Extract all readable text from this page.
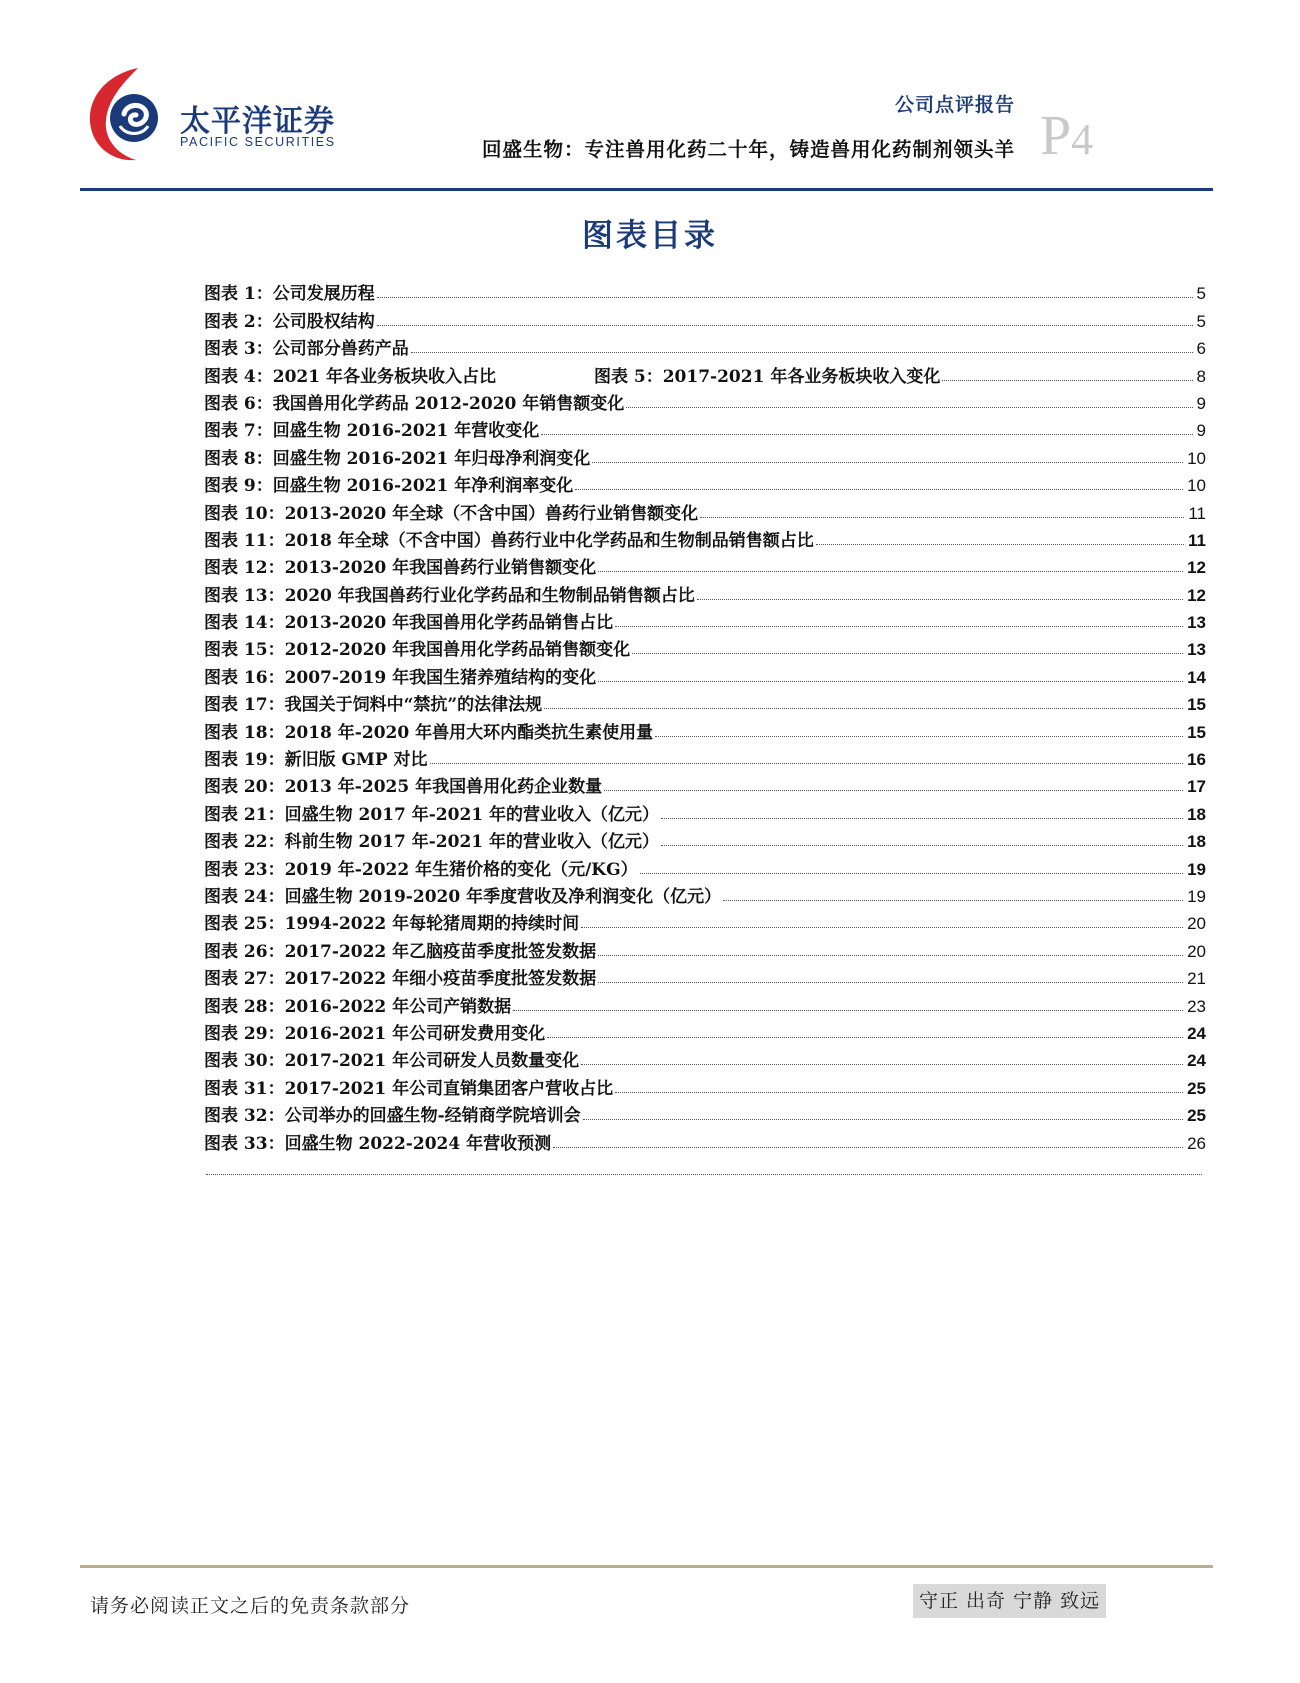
太平洋证券
PACIFIC SECURITIES
公司点评报告
回盛生物：专注兽用化药二十年，铸造兽用化药制剂领头羊 P4
图表目录
图表 1：公司发展历程	5
图表 2：公司股权结构	5
图表 3：公司部分兽药产品	6
图表 4：2021 年各业务板块收入占比	图表 5：2017-2021 年各业务板块收入变化	8
图表 6：我国兽用化学药品 2012-2020 年销售额变化	9
图表 7：回盛生物 2016-2021 年营收变化	9
图表 8：回盛生物 2016-2021 年归母净利润变化	10
图表 9：回盛生物 2016-2021 年净利润率变化	10
图表 10：2013-2020 年全球（不含中国）兽药行业销售额变化	11
图表 11：2018 年全球（不含中国）兽药行业中化学药品和生物制品销售额占比	11
图表 12：2013-2020 年我国兽药行业销售额变化	12
图表 13：2020 年我国兽药行业化学药品和生物制品销售额占比	12
图表 14：2013-2020 年我国兽用化学药品销售占比	13
图表 15：2012-2020 年我国兽用化学药品销售额变化	13
图表 16：2007-2019 年我国生猪养殖结构的变化	14
图表 17：我国关于饲料中“禁抗”的法律法规	15
图表 18：2018 年-2020 年兽用大环内酯类抗生素使用量	15
图表 19：新旧版 GMP 对比	16
图表 20：2013 年-2025 年我国兽用化药企业数量	17
图表 21：回盛生物 2017 年-2021 年的营业收入（亿元）	18
图表 22：科前生物 2017 年-2021 年的营业收入（亿元）	18
图表 23：2019 年-2022 年生猪价格的变化（元/KG）	19
图表 24：回盛生物 2019-2020 年季度营收及净利润变化（亿元）	19
图表 25：1994-2022 年每轮猪周期的持续时间	20
图表 26：2017-2022 年乙脑疫苗季度批签发数据	20
图表 27：2017-2022 年细小疫苗季度批签发数据	21
图表 28：2016-2022 年公司产销数据	23
图表 29：2016-2021 年公司研发费用变化	24
图表 30：2017-2021 年公司研发人员数量变化	24
图表 31：2017-2021 年公司直销集团客户营收占比	25
图表 32：公司举办的回盛生物-经销商学院培训会	25
图表 33：回盛生物 2022-2024 年营收预测	26
请务必阅读正文之后的免责条款部分	守正 出奇 宁静 致远
